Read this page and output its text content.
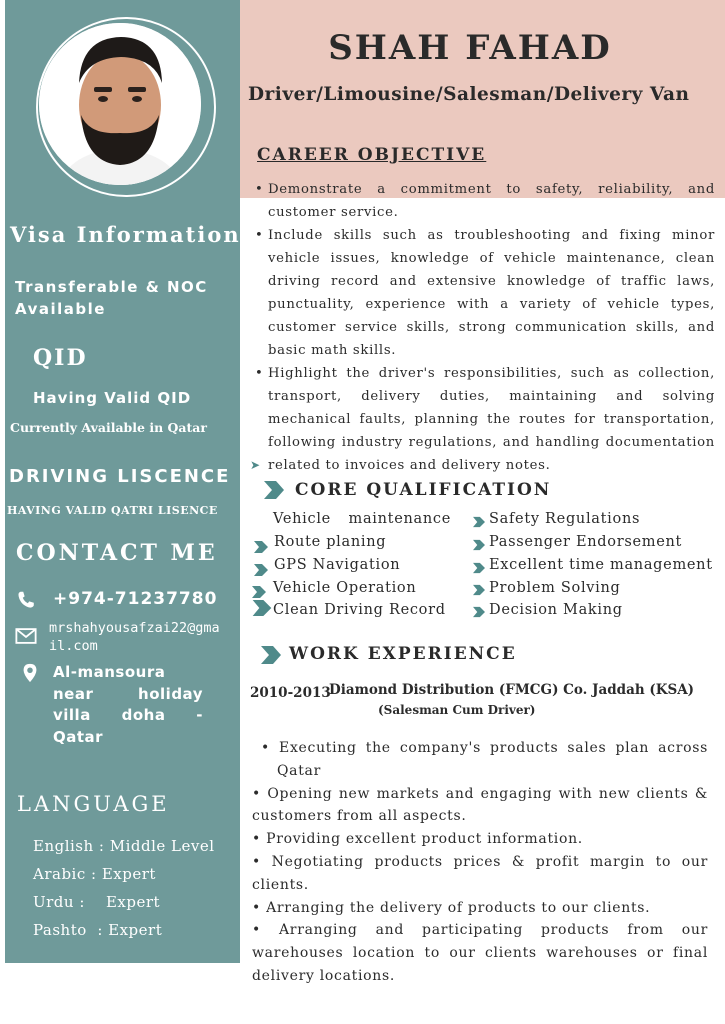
Visa Information
Transferable & NOC Available
QID
Having Valid QID
Currently Available in Qatar
DRIVING LISCENCE
HAVING VALID QATRI LISENCE
CONTACT ME
+974-71237780
mrshahyousafzai22@gmail.com
Al-mansoura near holiday villa doha - Qatar
LANGUAGE
English : Middle Level
Arabic : Expert
Urdu :    Expert
Pashto  : Expert
SHAH FAHAD
Driver/Limousine/Salesman/Delivery Van
CAREER OBJECTIVE
• Demonstrate a commitment to safety, reliability, and customer service.
• Include skills such as troubleshooting and fixing minor vehicle issues, knowledge of vehicle maintenance, clean driving record and extensive knowledge of traffic laws, punctuality, experience with a variety of vehicle types, customer service skills, strong communication skills, and basic math skills.
• Highlight the driver's responsibilities, such as collection, transport, delivery duties, maintaining and solving mechanical faults, planning the routes for transportation, following industry regulations, and handling documentation
➤ related to invoices and delivery notes.
CORE QUALIFICATION
Vehicle maintenance
Route planing
GPS Navigation
Vehicle Operation
Clean Driving Record
Safety Regulations
Passenger Endorsement
Excellent time management
Problem Solving
Decision Making
WORK EXPERIENCE
2010-2013
Diamond Distribution (FMCG) Co. Jaddah (KSA)
(Salesman Cum Driver)
• Executing the company's products sales plan across
Qatar
• Opening new markets and engaging with new clients & customers from all aspects.
• Providing excellent product information.
• Negotiating products prices & profit margin to our clients.
• Arranging the delivery of products to our clients.
• Arranging and participating products from our warehouses location to our clients warehouses or final delivery locations.
